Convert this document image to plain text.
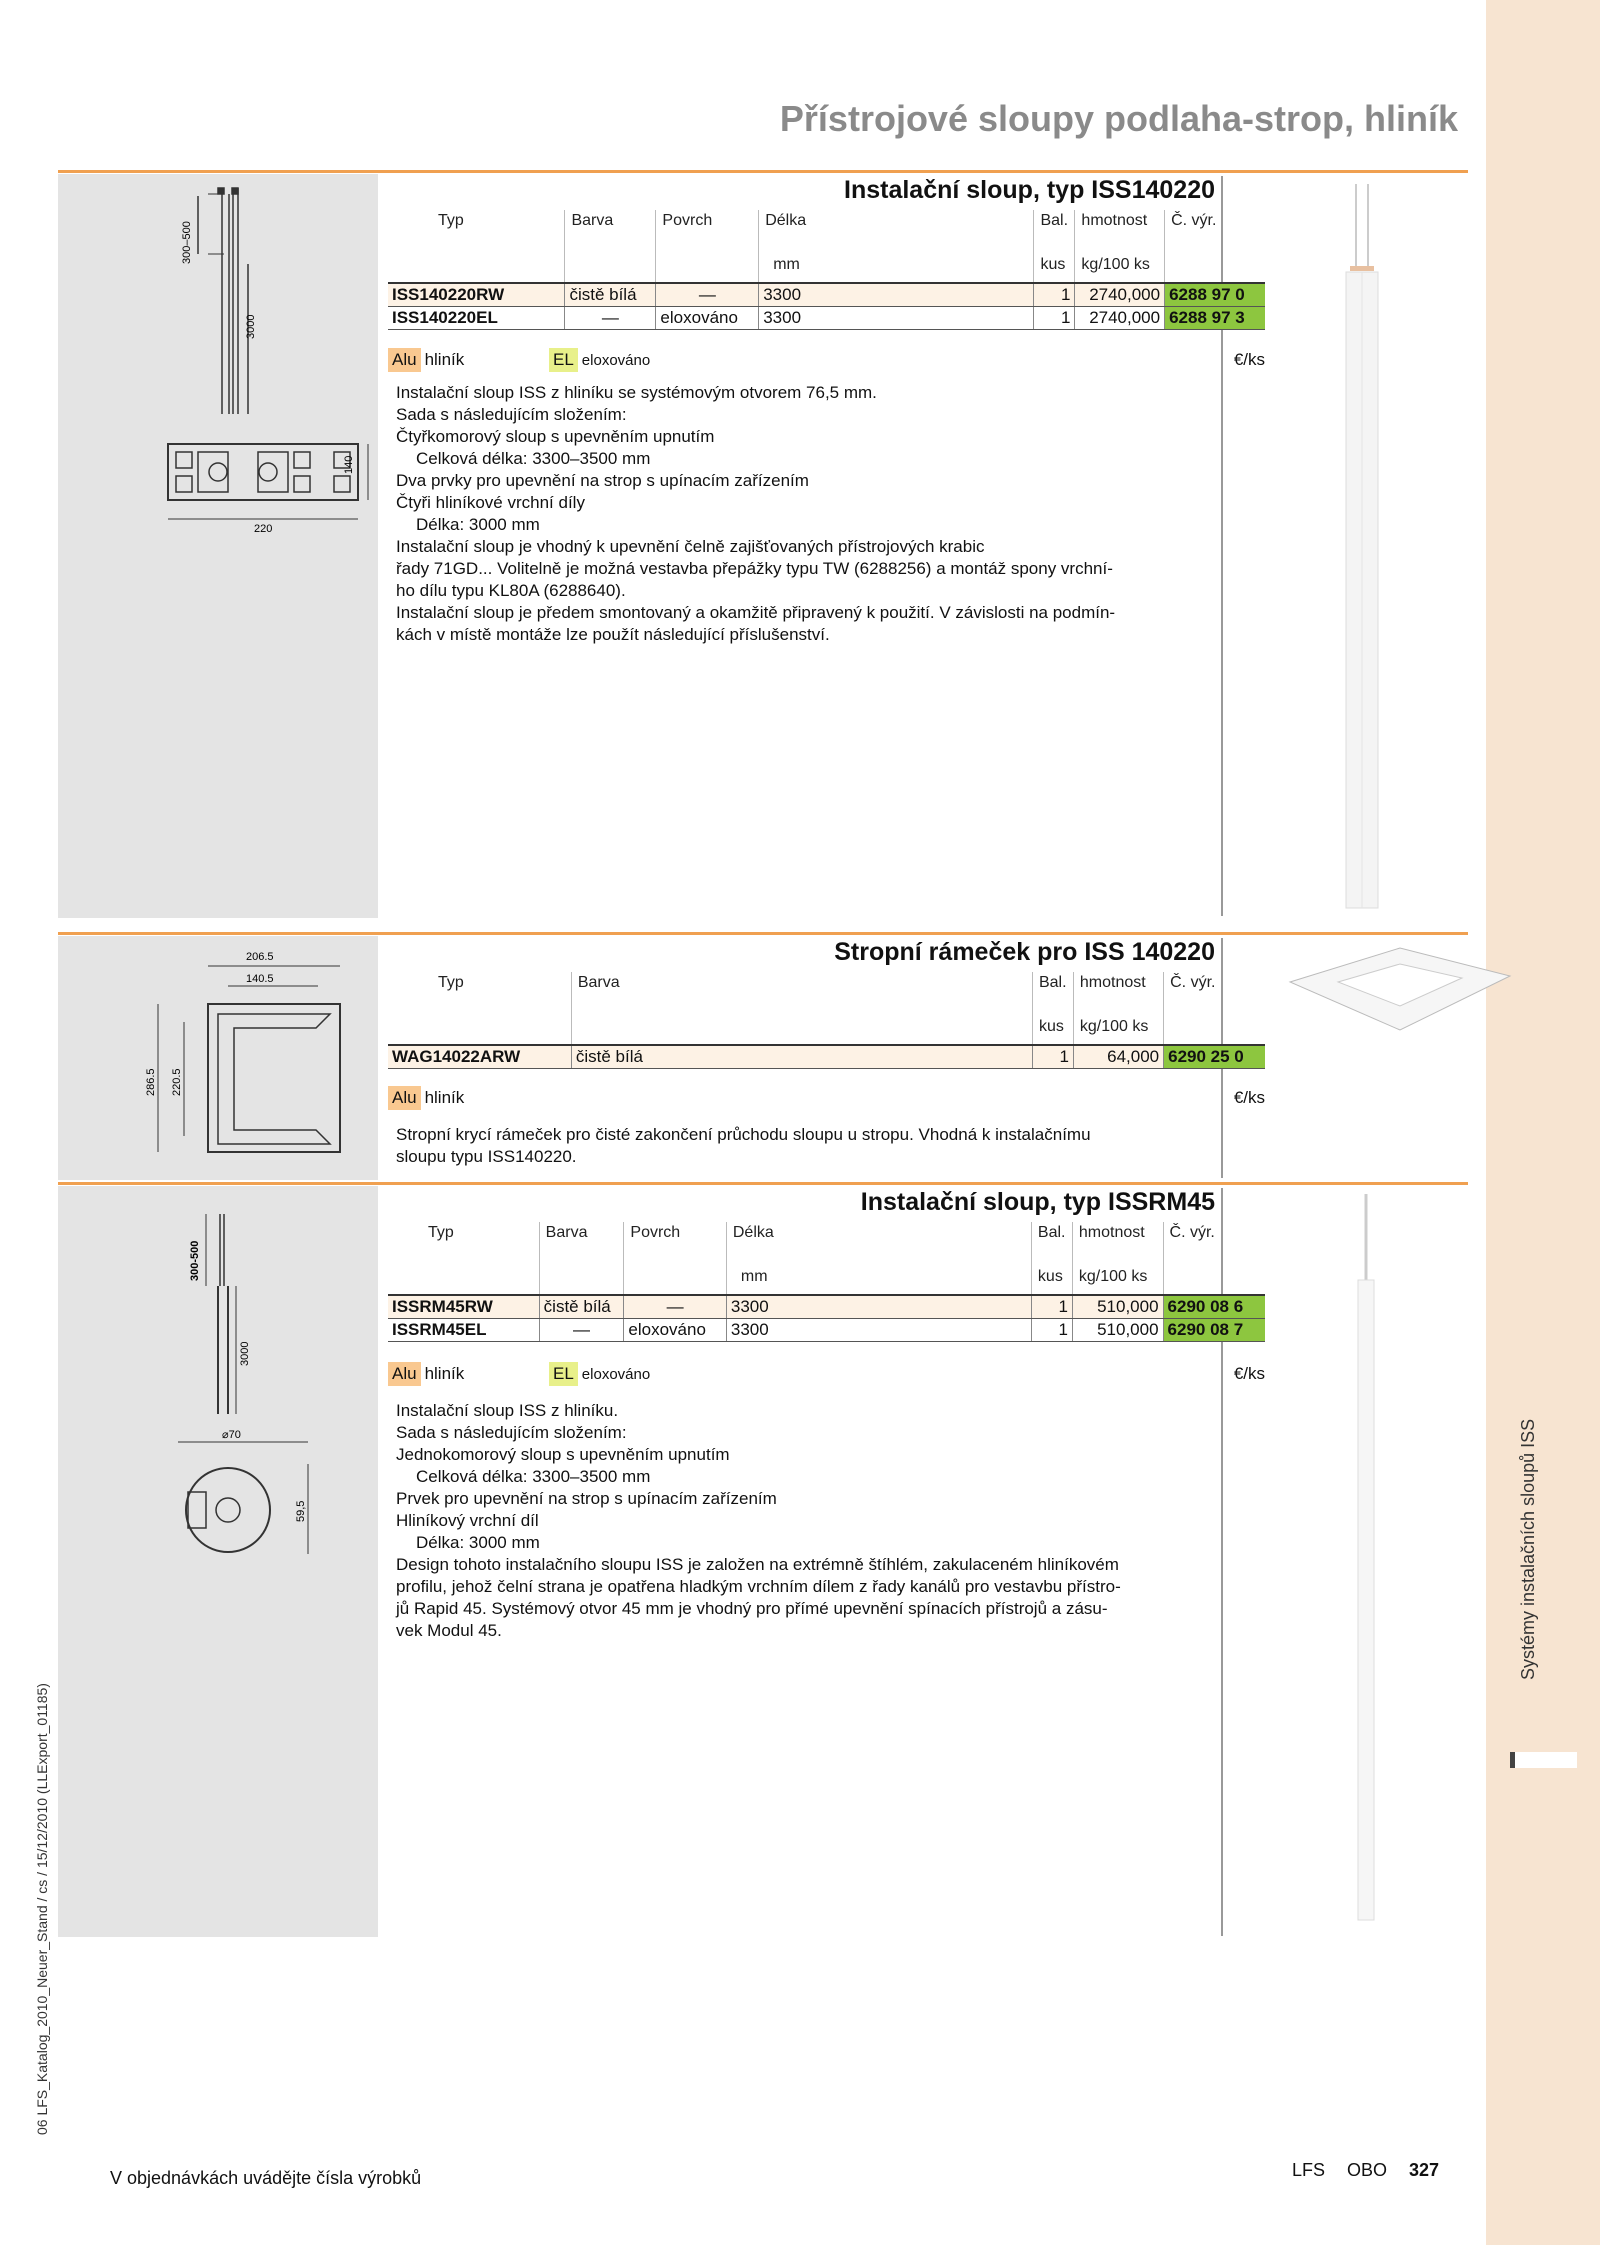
Přístrojové sloupy podlaha-strop, hliník
300–500
3000
220
140
Instalační sloup, typ ISS140220
Typ	Barva	Povrch	Délka	Bal.	hmotnost	Č. výr.
			mm	kus	kg/100 ks	
ISS140220RW	čistě bílá	—	3300	1	2740,000	6288 97 0
ISS140220EL	—	eloxováno	3300	1	2740,000	6288 97 3
Alu hliník	EL eloxováno	€/ks
Instalační sloup ISS z hliníku se systémovým otvorem 76,5 mm.
Sada s následujícím složením:
Čtyřkomorový sloup s upevněním upnutím
Celková délka: 3300–3500 mm
Dva prvky pro upevnění na strop s upínacím zařízením
Čtyři hliníkové vrchní díly
Délka: 3000 mm
Instalační sloup je vhodný k upevnění čelně zajišťovaných přístrojových krabic
řady 71GD... Volitelně je možná vestavba přepážky typu TW (6288256) a montáž spony vrchní-
ho dílu typu KL80A (6288640).
Instalační sloup je předem smontovaný a okamžitě připravený k použití. V závislosti na podmín-
kách v místě montáže lze použít následující příslušenství.
206.5
140.5
286.5 220.5
Stropní rámeček pro ISS 140220
Typ	Barva	Bal.	hmotnost	Č. výr.
		kus	kg/100 ks	
WAG14022ARW	čistě bílá	1	64,000	6290 25 0
Alu hliník	€/ks
Stropní krycí rámeček pro čisté zakončení průchodu sloupu u stropu. Vhodná k instalačnímu
sloupu typu ISS140220.
300-500
3000
⌀70
59,5
Instalační sloup, typ ISSRM45
Typ	Barva	Povrch	Délka	Bal.	hmotnost	Č. výr.
			mm	kus	kg/100 ks	
ISSRM45RW	čistě bílá	—	3300	1	510,000	6290 08 6
ISSRM45EL	—	eloxováno	3300	1	510,000	6290 08 7
Alu hliník	EL eloxováno	€/ks
Instalační sloup ISS z hliníku.
Sada s následujícím složením:
Jednokomorový sloup s upevněním upnutím
Celková délka: 3300–3500 mm
Prvek pro upevnění na strop s upínacím zařízením
Hliníkový vrchní díl
Délka: 3000 mm
Design tohoto instalačního sloupu ISS je založen na extrémně štíhlém, zakulaceném hliníkovém
profilu, jehož čelní strana je opatřena hladkým vrchním dílem z řady kanálů pro vestavbu přístro-
jů Rapid 45. Systémový otvor 45 mm je vhodný pro přímé upevnění spínacích přístrojů a zásu-
vek Modul 45.	Systémy instalačních sloupů ISS
06 LFS_Katalog_2010_Neuer_Stand / cs / 15/12/2010 (LLExport_01185)
V objednávkách uvádějte čísla výrobků	LFS OBO 327
